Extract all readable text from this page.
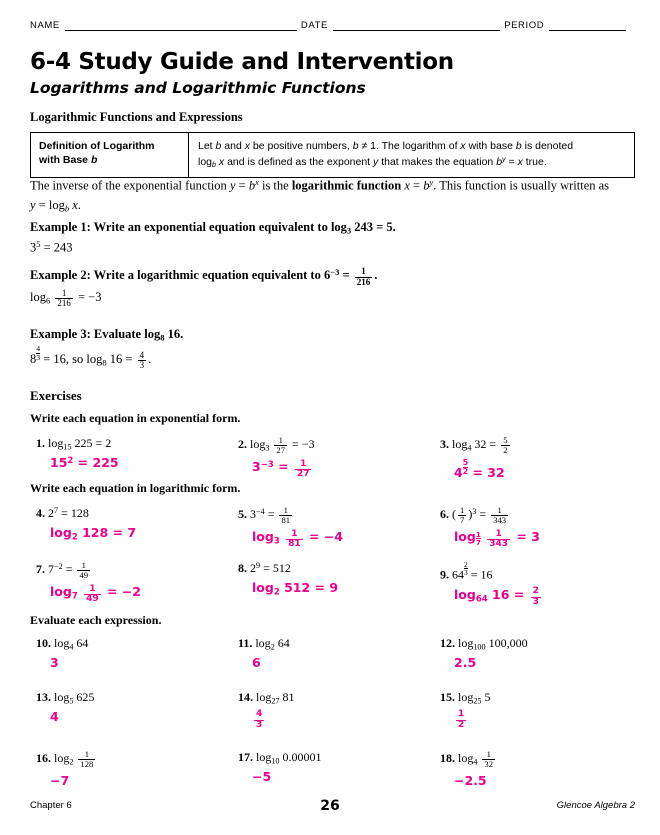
NAME	DATE	PERIOD
6-4 Study Guide and Intervention
Logarithms and Logarithmic Functions
Logarithmic Functions and Expressions
Definition of Logarithm
with Base b
Let b and x be positive numbers, b ≠ 1. The logarithm of x with base b is denoted
$\log_b x$ and is defined as the exponent y that makes the equation $b^y = x$ true.
The inverse of the exponential function $y = b^x$ is the logarithmic function $x = b^y$. This function is usually written as
$y = \log_b x$.
Example 1: Write an exponential equation equivalent to $\log_3 243 = 5$.
$3^5 = 243$
Example 2: Write a logarithmic equation equivalent to $6^{-3} = \frac{1}{216}$ .
$\log_6 \frac{1}{216} = -3$
Example 3: Evaluate $\log_8 16$.
$8 \frac{4}{3} = 16$, so $\log_8 16 = \frac{4}{3}$ .
Exercises
Write each equation in exponential form.
Write each equation in logarithmic form.
Evaluate each expression.
1. $\log_{15} 225 = 2$
$15^2 = 225$
2. $\log_3 \frac{1}{27} = -3$
$3^{-3} = \frac{1}{27}$
3. $\log_4 32 = \frac{5}{2}$
$4 \frac{5}{2} = 32$
4. $2^7 = 128$
$\log_2 128 = 7$
5. $3^{-4} = \frac{1}{81}$
$\log_3 \frac{1}{81} = -4$
6. ( $\frac{1}{7} )^3 = \frac{1}{343}$
$\log \frac{1}{7}$
$\frac{1}{343} = 3$
7. $7^{-2} = \frac{1}{49}$
$\log_7 \frac{1}{49} = -2$
8. $2^9 = 512$
$\log_2 512 = 9$
9. $64 \frac{2}{3} = 16$
$\log_{64} 16 = \frac{2}{3}$
10. $\log_4 64$
3
11. $\log_2 64$
6
12. $\log_{100} 100,000$
2.5
13. $\log_5 625$
4
14. $\log_{27} 81$
$\frac{4}{3}$
15. $\log_{25} 5$
$\frac{1}{2}$
16. $\log_2 \frac{1}{128}$
−7
17. $\log_{10} 0.00001$
−5
18. $\log_4 \frac{1}{32}$
−2.5
Chapter 6	26	Glencoe Algebra 2
